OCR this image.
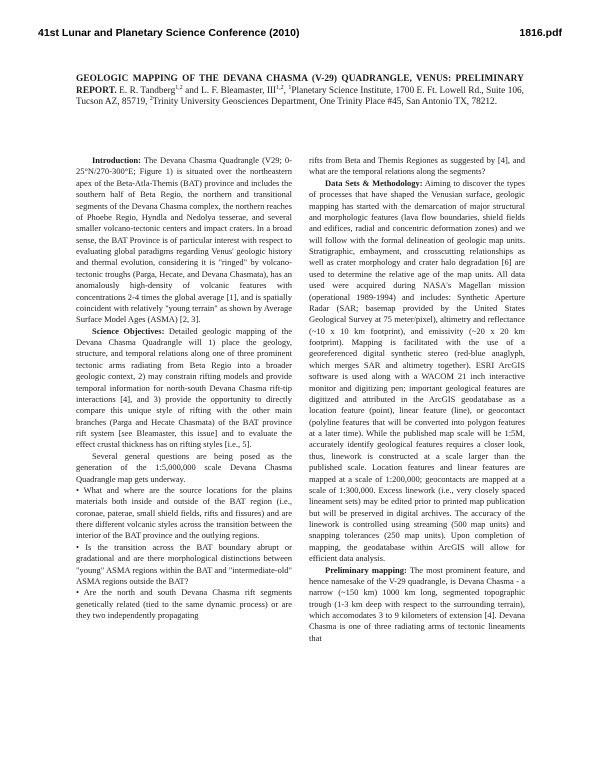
41st Lunar and Planetary Science Conference (2010)	1816.pdf
GEOLOGIC MAPPING OF THE DEVANA CHASMA (V-29) QUADRANGLE, VENUS: PRELIMINARY REPORT. E. R. Tandberg$^{1,2}$ and L. F. Bleamaster, III$^{1,2}$, $^1$Planetary Science Institute, 1700 E. Ft. Lowell Rd., Suite 106, Tucson AZ, 85719, $^2$Trinity University Geosciences Department, One Trinity Place #45, San Antonio TX, 78212.

Introduction: The Devana Chasma Quadrangle (V29; 0-25°N/270-300°E; Figure 1) is situated over the northeastern apex of the Beta-Atla-Themis (BAT) province and includes the southern half of Beta Regio, the northern and transitional segments of the Devana Chasma complex, the northern reaches of Phoebe Regio, Hyndla and Nedolya tesserae, and several smaller volcano-tectonic centers and impact craters. In a broad sense, the BAT Province is of particular interest with respect to evaluating global paradigms regarding Venus' geologic history and thermal evolution, considering it is "ringed" by volcano-tectonic troughs (Parga, Hecate, and Devana Chasmata), has an anomalously high-density of volcanic features with concentrations 2-4 times the global average [1], and is spatially coincident with relatively "young terrain" as shown by Average Surface Model Ages (ASMA) [2, 3].

Science Objectives: Detailed geologic mapping of the Devana Chasma Quadrangle will 1) place the geology, structure, and temporal relations along one of three prominent tectonic arms radiating from Beta Regio into a broader geologic context, 2) may constrain rifting models and provide temporal information for north-south Devana Chasma rift-tip interactions [4], and 3) provide the opportunity to directly compare this unique style of rifting with the other main branches (Parga and Hecate Chasmata) of the BAT province rift system [see Bleamaster, this issue] and to evaluate the effect crustal thickness has on rifting styles [i.e., 5].

Several general questions are being posed as the generation of the 1:5,000,000 scale Devana Chasma Quadrangle map gets underway.

• What and where are the source locations for the plains materials both inside and outside of the BAT region (i.e., coronae, paterae, small shield fields, rifts and fissures) and are there different volcanic styles across the transition between the interior of the BAT province and the outlying regions.

• Is the transition across the BAT boundary abrupt or gradational and are there morphological distinctions between "young" ASMA regions within the BAT and "intermediate-old" ASMA regions outside the BAT?

• Are the north and south Devana Chasma rift segments genetically related (tied to the same dynamic process) or are they two independently propagating

rifts from Beta and Themis Regiones as suggested by [4], and what are the temporal relations along the segments?

Data Sets & Methodology: Aiming to discover the types of processes that have shaped the Venusian surface, geologic mapping has started with the demarcation of major structural and morphologic features (lava flow boundaries, shield fields and edifices, radial and concentric deformation zones) and we will follow with the formal delineation of geologic map units. Stratigraphic, embayment, and crosscutting relationships as well as crater morphology and crater halo degradation [6] are used to determine the relative age of the map units. All data used were acquired during NASA's Magellan mission (operational 1989-1994) and includes: Synthetic Aperture Radar (SAR; basemap provided by the United States Geological Survey at 75 meter/pixel), altimetry and reflectance (~10 x 10 km footprint), and emissivity (~20 x 20 km footprint). Mapping is facilitated with the use of a georeferenced digital synthetic stereo (red-blue anaglyph, which merges SAR and altimetry together). ESRI ArcGIS software is used along with a WACOM 21 inch interactive monitor and digitizing pen; important geological features are digitized and attributed in the ArcGIS geodatabase as a location feature (point), linear feature (line), or geocontact (polyline features that will be converted into polygon features at a later time). While the published map scale will be 1:5M, accurately identify geological features requires a closer look, thus, linework is constructed at a scale larger than the published scale. Location features and linear features are mapped at a scale of 1:200,000; geocontacts are mapped at a scale of 1:300,000. Excess linework (i.e., very closely spaced lineament sets) may be edited prior to printed map publication but will be preserved in digital archives. The accuracy of the linework is controlled using streaming (500 map units) and snapping tolerances (250 map units). Upon completion of mapping, the geodatabase within ArcGIS will allow for efficient data analysis.

Preliminary mapping: The most prominent feature, and hence namesake of the V-29 quadrangle, is Devana Chasma - a narrow (~150 km) 1000 km long, segmented topographic trough (1-3 km deep with respect to the surrounding terrain), which accomodates 3 to 9 kilometers of extension [4]. Devana Chasma is one of three radiating arms of tectonic lineaments that
